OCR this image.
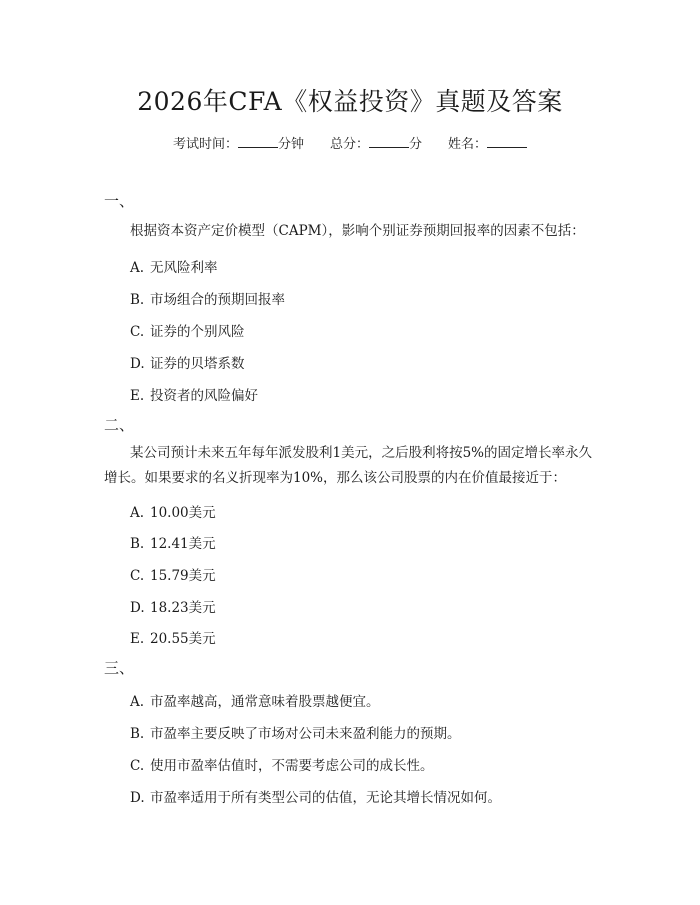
2026年CFA《权益投资》真题及答案
考试时间：	分钟 总分：	分 姓名：
一、
根据资本资产定价模型（CAPM），影响个别证券预期回报率的因素不包括：
A. 无风险利率
B. 市场组合的预期回报率
C. 证券的个别风险
D. 证券的贝塔系数
E. 投资者的风险偏好
二、
某公司预计未来五年每年派发股利1美元，之后股利将按5%的固定增长率永久增长。如果要求的名义折现率为10%，那么该公司股票的内在价值最接近于：
A. 10.00美元
B. 12.41美元
C. 15.79美元
D. 18.23美元
E. 20.55美元
三、
A. 市盈率越高，通常意味着股票越便宜。
B. 市盈率主要反映了市场对公司未来盈利能力的预期。
C. 使用市盈率估值时，不需要考虑公司的成长性。
D. 市盈率适用于所有类型公司的估值，无论其增长情况如何。
